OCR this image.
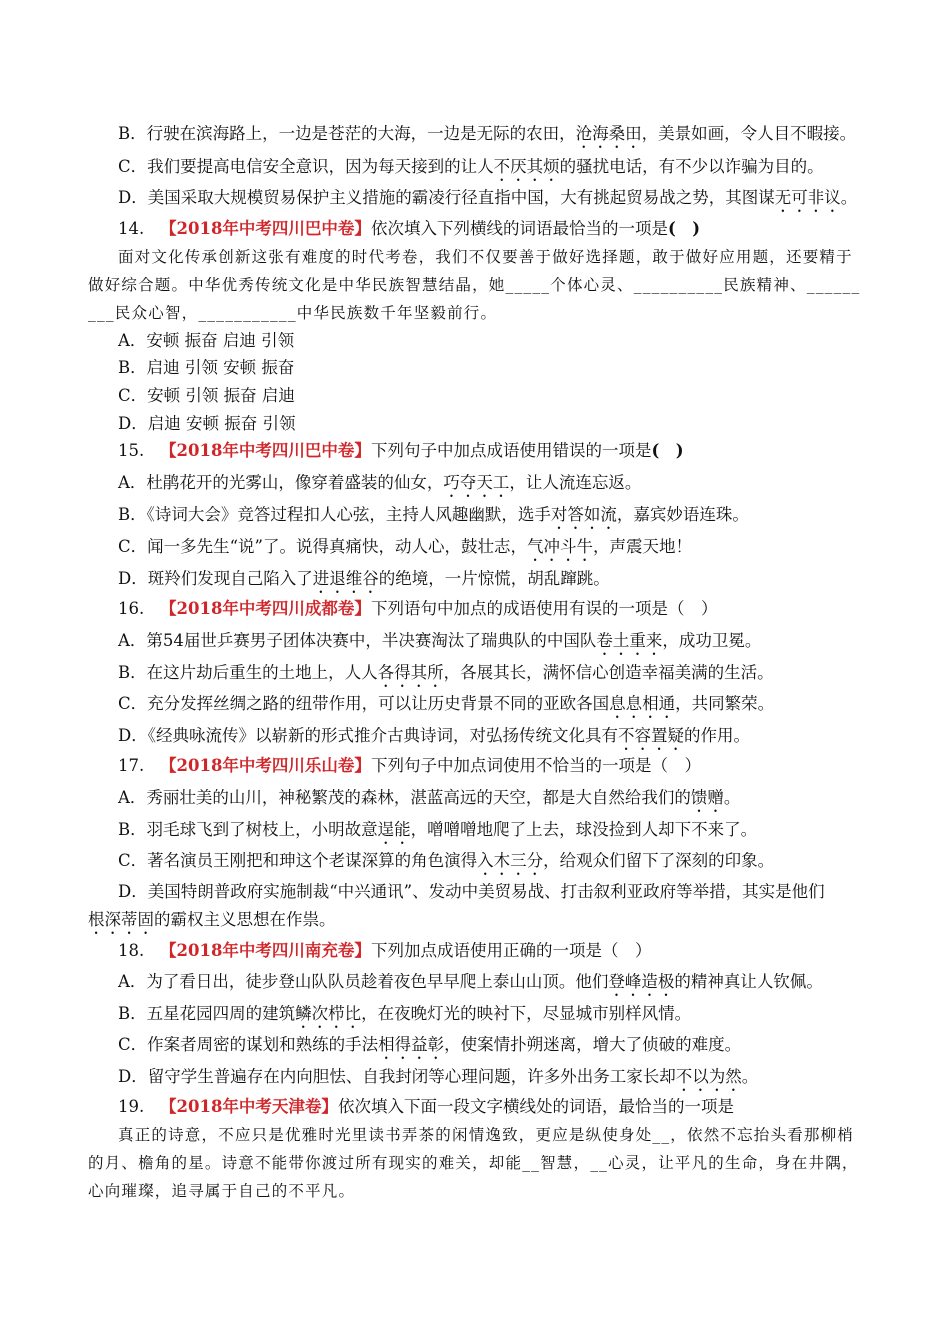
B．行驶在滨海路上，一边是苍茫的大海，一边是无际的农田，沧海桑田，美景如画，令人目不暇接。
C．我们要提高电信安全意识，因为每天接到的让人不厌其烦的骚扰电话，有不少以诈骗为目的。
D．美国采取大规模贸易保护主义措施的霸凌行径直指中国，大有挑起贸易战之势，其图谋无可非议。
14. 【2018年中考四川巴中卷】依次填入下列横线的词语最恰当的一项是(　)
面对文化传承创新这张有难度的时代考卷，我们不仅要善于做好选择题，敢于做好应用题，还要精于
做好综合题。中华优秀传统文化是中华民族智慧结晶，她_____个体心灵、__________民族精神、______
___民众心智，___________中华民族数千年坚毅前行。
A．安顿 振奋 启迪 引领
B．启迪 引领 安顿 振奋
C．安顿 引领 振奋 启迪
D．启迪 安顿 振奋 引领
15. 【2018年中考四川巴中卷】下列句子中加点成语使用错误的一项是(　)
A．杜鹃花开的光雾山，像穿着盛装的仙女，巧夺天工，让人流连忘返。
B．《诗词大会》竞答过程扣人心弦，主持人风趣幽默，选手对答如流，嘉宾妙语连珠。
C．闻一多先生“说”了。说得真痛快，动人心，鼓壮志，气冲斗牛，声震天地！
D．斑羚们发现自己陷入了进退维谷的绝境，一片惊慌，胡乱蹿跳。
16. 【2018年中考四川成都卷】下列语句中加点的成语使用有误的一项是（　）
A．第54届世乒赛男子团体决赛中，半决赛淘汰了瑞典队的中国队卷土重来，成功卫冕。
B．在这片劫后重生的土地上，人人各得其所，各展其长，满怀信心创造幸福美满的生活。
C．充分发挥丝绸之路的纽带作用，可以让历史背景不同的亚欧各国息息相通，共同繁荣。
D．《经典咏流传》以崭新的形式推介古典诗词，对弘扬传统文化具有不容置疑的作用。
17. 【2018年中考四川乐山卷】下列句子中加点词使用不恰当的一项是（　）
A．秀丽壮美的山川，神秘繁茂的森林，湛蓝高远的天空，都是大自然给我们的馈赠。
B．羽毛球飞到了树枝上，小明故意逞能，噌噌噌地爬了上去，球没捡到人却下不来了。
C．著名演员王刚把和珅这个老谋深算的角色演得入木三分，给观众们留下了深刻的印象。
D．美国特朗普政府实施制裁“中兴通讯”、发动中美贸易战、打击叙利亚政府等举措，其实是他们
根深蒂固的霸权主义思想在作祟。
18. 【2018年中考四川南充卷】下列加点成语使用正确的一项是（　）
A．为了看日出，徒步登山队队员趁着夜色早早爬上泰山山顶。他们登峰造极的精神真让人钦佩。
B．五星花园四周的建筑鳞次栉比，在夜晚灯光的映衬下，尽显城市别样风情。
C．作案者周密的谋划和熟练的手法相得益彰，使案情扑朔迷离，增大了侦破的难度。
D．留守学生普遍存在内向胆怯、自我封闭等心理问题，许多外出务工家长却不以为然。
19. 【2018年中考天津卷】依次填入下面一段文字横线处的词语，最恰当的一项是
真正的诗意，不应只是优雅时光里读书弄茶的闲情逸致，更应是纵使身处__，依然不忘抬头看那柳梢
的月、檐角的星。诗意不能带你渡过所有现实的难关，却能__智慧，__心灵，让平凡的生命，身在井隅，
心向璀璨，追寻属于自己的不平凡。
